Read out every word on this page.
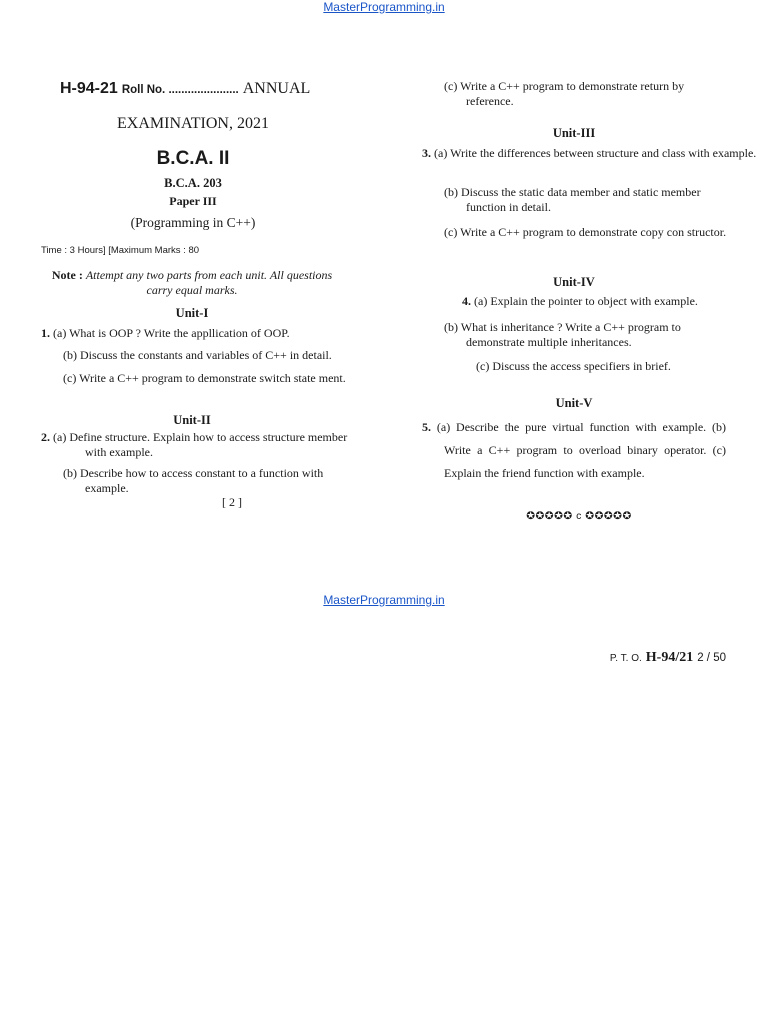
MasterProgramming.in
H-94-21 Roll No. ...................... ANNUAL
EXAMINATION, 2021
B.C.A. II
B.C.A. 203
Paper III
(Programming in C++)
Time : 3 Hours] [Maximum Marks : 80
Note : Attempt any two parts from each unit. All questions
carry equal marks.
Unit-I
1. (a) What is OOP ? Write the appllication of OOP.
(b) Discuss the constants and variables of C++ in detail.
(c) Write a C++ program to demonstrate switch state ment.
Unit-II
2. (a) Define structure. Explain how to access structure member with example.
(b) Describe how to access constant to a function with example.
[ 2 ]
(c) Write a C++ program to demonstrate return by reference.
Unit-III
3. (a) Write the differences between structure and class with example.
(b) Discuss the static data member and static member function in detail.
(c) Write a C++ program to demonstrate copy con structor.
Unit-IV
4. (a) Explain the pointer to object with example.
(b) What is inheritance ? Write a C++ program to demonstrate multiple inheritances.
(c) Discuss the access specifiers in brief.
Unit-V
5. (a) Describe the pure virtual function with example. (b)
Write a C++ program to overload binary operator. (c)
Explain the friend function with example.
✪✪✪✪✪ c ✪✪✪✪✪
MasterProgramming.in
P. T. O. H-94/21 2 / 50
